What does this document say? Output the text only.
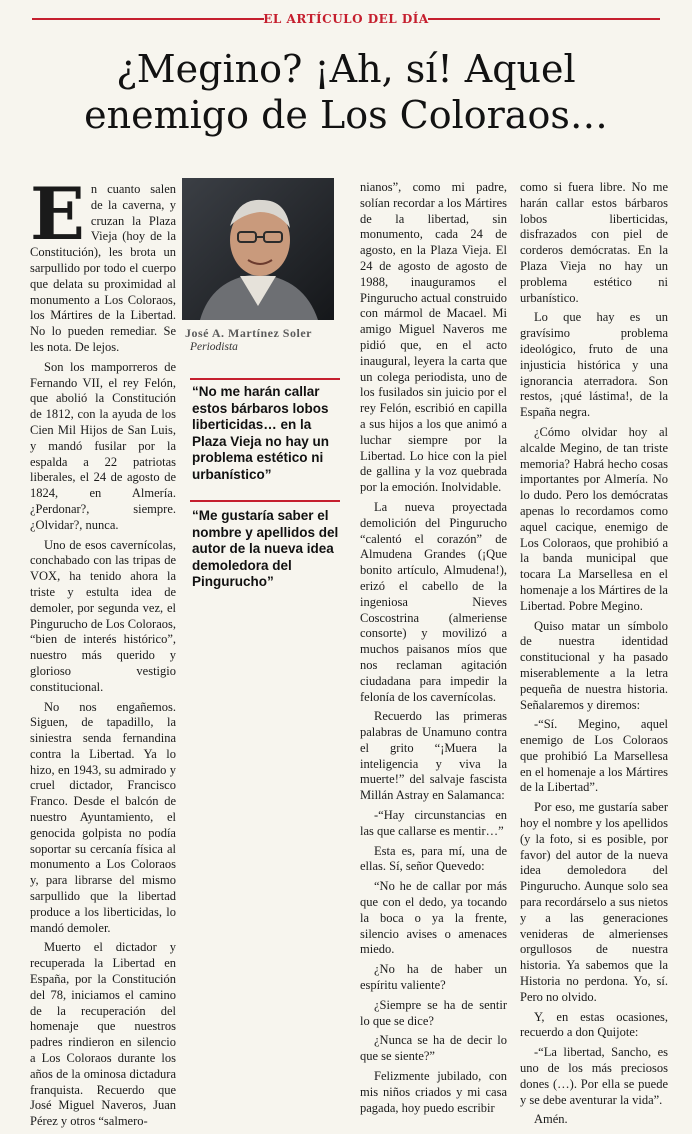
EL ARTÍCULO DEL DÍA
¿Megino? ¡Ah, sí! Aquel
enemigo de Los Coloraos…

En cuanto salen de la caverna, y cruzan la Plaza Vieja (hoy de la Constitución), les brota un sarpullido por todo el cuerpo que delata su proximidad al monumento a Los Coloraos, los Mártires de la Libertad. No lo pueden remediar. Se les nota. De lejos.

Son los mamporreros de Fernando VII, el rey Felón, que abolió la Constitución de 1812, con la ayuda de los Cien Mil Hijos de San Luis, y mandó fusilar por la espalda a 22 patriotas liberales, el 24 de agosto de 1824, en Almería. ¿Perdonar?, siempre. ¿Olvidar?, nunca.

Uno de esos cavernícolas, conchabado con las tripas de VOX, ha tenido ahora la triste y estulta idea de demoler, por segunda vez, el Pingurucho de Los Coloraos, “bien de interés histórico”, nuestro más querido y glorioso vestigio constitucional.

No nos engañemos. Siguen, de tapadillo, la siniestra senda fernandina contra la Libertad. Ya lo hizo, en 1943, su admirado y cruel dictador, Francisco Franco. Desde el balcón de nuestro Ayuntamiento, el genocida golpista no podía soportar su cercanía física al monumento a Los Coloraos y, para librarse del mismo sarpullido que la libertad produce a los liberticidas, lo mandó demoler.

Muerto el dictador y recuperada la Libertad en España, por la Constitución del 78, iniciamos el camino de la recuperación del homenaje que nuestros padres rindieron en silencio a Los Coloraos durante los años de la ominosa dictadura franquista. Recuerdo que José Miguel Naveros, Juan Pérez y otros “salmero-

José A. Martínez Soler
Periodista
“No me harán callar estos bárbaros lobos liberticidas… en la Plaza Vieja no hay un problema estético ni urbanístico”
“Me gustaría saber el nombre y apellidos del autor de la nueva idea demoledora del Pingurucho”

nianos”, como mi padre, solían recordar a los Mártires de la libertad, sin monumento, cada 24 de agosto, en la Plaza Vieja. El 24 de agosto de agosto de 1988, inauguramos el Pingurucho actual construido con mármol de Macael. Mi amigo Miguel Naveros me pidió que, en el acto inaugural, leyera la carta que un colega periodista, uno de los fusilados sin juicio por el rey Felón, escribió en capilla a sus hijos a los que animó a luchar siempre por la Libertad. Lo hice con la piel de gallina y la voz quebrada por la emoción. Inolvidable.

La nueva proyectada demolición del Pingurucho “calentó el corazón” de Almudena Grandes (¡Que bonito artículo, Almudena!), erizó el cabello de la ingeniosa Nieves Coscostrina (almeriense consorte) y movilizó a muchos paisanos míos que nos reclaman agitación ciudadana para impedir la felonía de los cavernícolas.

Recuerdo las primeras palabras de Unamuno contra el grito “¡Muera la inteligencia y viva la muerte!” del salvaje fascista Millán Astray en Salamanca:

-“Hay circunstancias en las que callarse es mentir…”

Esta es, para mí, una de ellas. Sí, señor Quevedo:

“No he de callar por más que con el dedo, ya tocando la boca o ya la frente, silencio avises o amenaces miedo.

¿No ha de haber un espíritu valiente?

¿Siempre se ha de sentir lo que se dice?

¿Nunca se ha de decir lo que se siente?”

Felizmente jubilado, con mis niños criados y mi casa pagada, hoy puedo escribir

como si fuera libre. No me harán callar estos bárbaros lobos liberticidas, disfrazados con piel de corderos demócratas. En la Plaza Vieja no hay un problema estético ni urbanístico.

Lo que hay es un gravísimo problema ideológico, fruto de una injusticia histórica y una ignorancia aterradora. Son restos, ¡qué lástima!, de la España negra.

¿Cómo olvidar hoy al alcalde Megino, de tan triste memoria? Habrá hecho cosas importantes por Almería. No lo dudo. Pero los demócratas apenas lo recordamos como aquel cacique, enemigo de Los Coloraos, que prohibió a la banda municipal que tocara La Marsellesa en el homenaje a los Mártires de la Libertad. Pobre Megino.

Quiso matar un símbolo de nuestra identidad constitucional y ha pasado miserablemente a la letra pequeña de nuestra historia. Señalaremos y diremos:

-“Sí. Megino, aquel enemigo de Los Coloraos que prohibió La Marsellesa en el homenaje a los Mártires de la Libertad”.

Por eso, me gustaría saber hoy el nombre y los apellidos (y la foto, si es posible, por favor) del autor de la nueva idea demoledora del Pingurucho. Aunque solo sea para recordárselo a sus nietos y a las generaciones venideras de almerienses orgullosos de nuestra historia. Ya sabemos que la Historia no perdona. Yo, sí. Pero no olvido.

Y, en estas ocasiones, recuerdo a don Quijote:

-“La libertad, Sancho, es uno de los más preciosos dones (…). Por ella se puede y se debe aventurar la vida”.

Amén.
